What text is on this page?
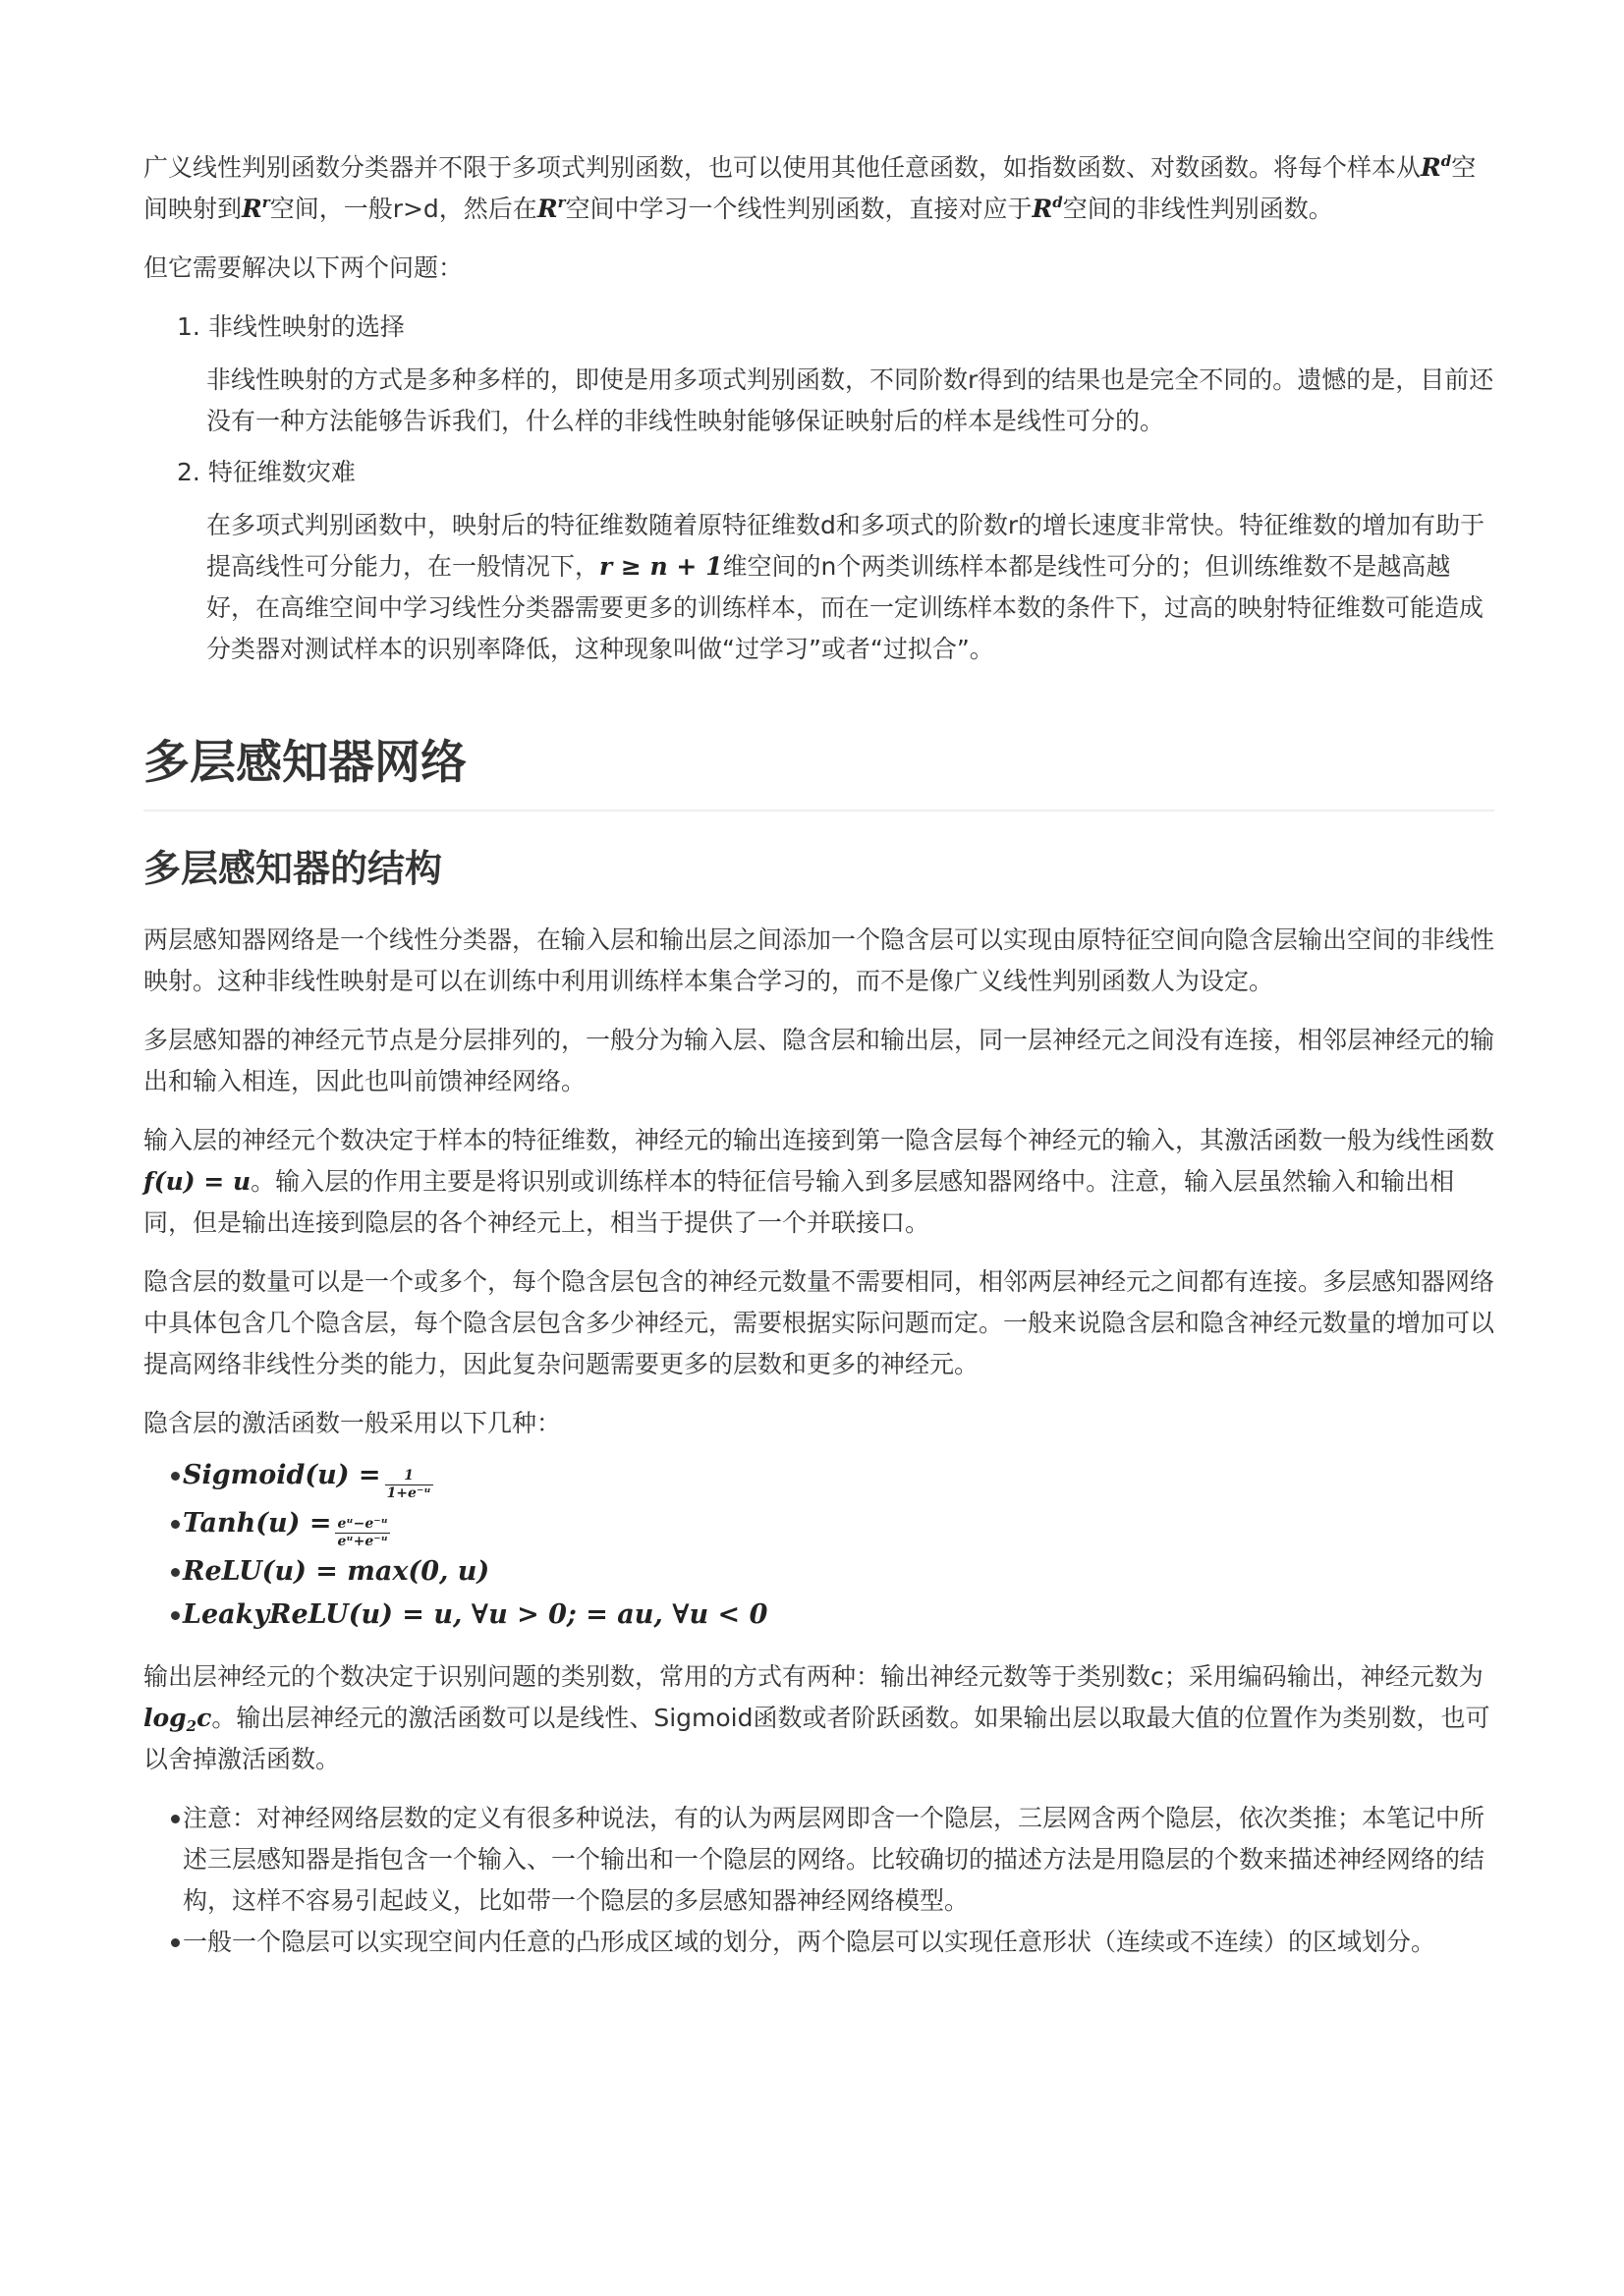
广义线性判别函数分类器并不限于多项式判别函数，也可以使用其他任意函数，如指数函数、对数函数。将每个样本从$R^d$空间映射到$R^r$空间，一般r>d，然后在$R^r$空间中学习一个线性判别函数，直接对应于$R^d$空间的非线性判别函数。

但它需要解决以下两个问题：

1. 非线性映射的选择

非线性映射的方式是多种多样的，即使是用多项式判别函数，不同阶数r得到的结果也是完全不同的。遗憾的是，目前还没有一种方法能够告诉我们，什么样的非线性映射能够保证映射后的样本是线性可分的。

2. 特征维数灾难

在多项式判别函数中，映射后的特征维数随着原特征维数d和多项式的阶数r的增长速度非常快。特征维数的增加有助于提高线性可分能力，在一般情况下，r ≥ n + 1维空间的n个两类训练样本都是线性可分的；但训练维数不是越高越好，在高维空间中学习线性分类器需要更多的训练样本，而在一定训练样本数的条件下，过高的映射特征维数可能造成分类器对测试样本的识别率降低，这种现象叫做“过学习”或者“过拟合”。

多层感知器网络
多层感知器的结构

两层感知器网络是一个线性分类器，在输入层和输出层之间添加一个隐含层可以实现由原特征空间向隐含层输出空间的非线性映射。这种非线性映射是可以在训练中利用训练样本集合学习的，而不是像广义线性判别函数人为设定。

多层感知器的神经元节点是分层排列的，一般分为输入层、隐含层和输出层，同一层神经元之间没有连接，相邻层神经元的输出和输入相连，因此也叫前馈神经网络。

输入层的神经元个数决定于样本的特征维数，神经元的输出连接到第一隐含层每个神经元的输入，其激活函数一般为线性函数f(u) = u。输入层的作用主要是将识别或训练样本的特征信号输入到多层感知器网络中。注意，输入层虽然输入和输出相同，但是输出连接到隐层的各个神经元上，相当于提供了一个并联接口。

隐含层的数量可以是一个或多个，每个隐含层包含的神经元数量不需要相同，相邻两层神经元之间都有连接。多层感知器网络中具体包含几个隐含层，每个隐含层包含多少神经元，需要根据实际问题而定。一般来说隐含层和隐含神经元数量的增加可以提高网络非线性分类的能力，因此复杂问题需要更多的层数和更多的神经元。

隐含层的激活函数一般采用以下几种：

Sigmoid(u) = $\frac{1}{\text{1+e⁻ᵘ}}$
Tanh(u) = $\frac{\text{eᵘ−e⁻ᵘ}}{\text{eᵘ+e⁻ᵘ}}$
ReLU(u) = max(0, u)
LeakyReLU(u) = u, ∀u > 0; = au, ∀u < 0

输出层神经元的个数决定于识别问题的类别数，常用的方式有两种：输出神经元数等于类别数c；采用编码输出，神经元数为$\log_2c$。输出层神经元的激活函数可以是线性、Sigmoid函数或者阶跃函数。如果输出层以取最大值的位置作为类别数，也可以舍掉激活函数。

注意：对神经网络层数的定义有很多种说法，有的认为两层网即含一个隐层，三层网含两个隐层，依次类推；本笔记中所述三层感知器是指包含一个输入、一个输出和一个隐层的网络。比较确切的描述方法是用隐层的个数来描述神经网络的结构，这样不容易引起歧义，比如带一个隐层的多层感知器神经网络模型。

一般一个隐层可以实现空间内任意的凸形成区域的划分，两个隐层可以实现任意形状（连续或不连续）的区域划分。
